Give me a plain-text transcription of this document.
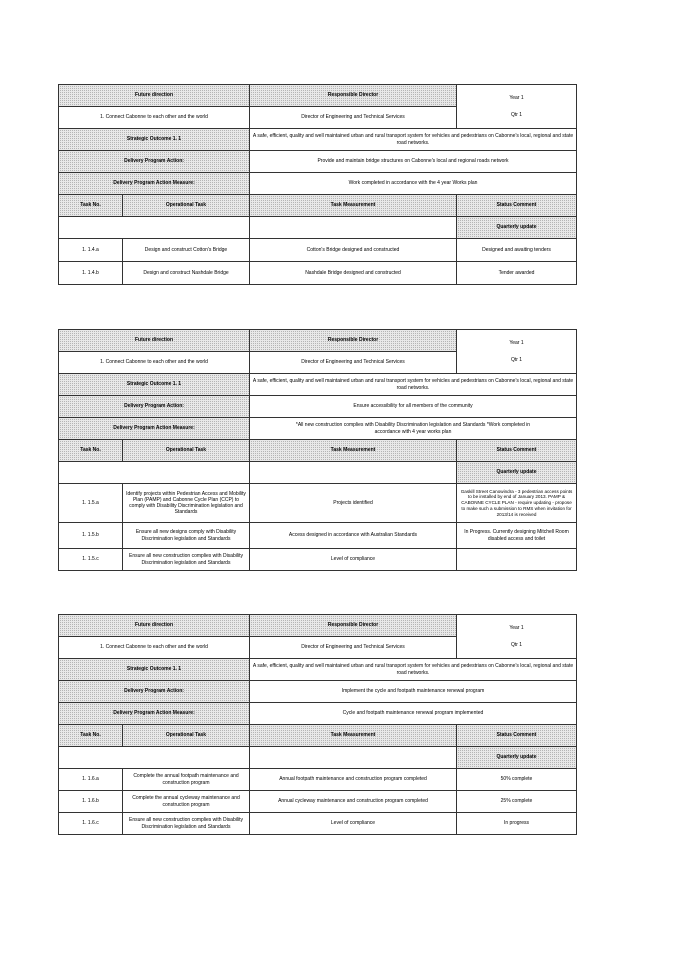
Future direction		Responsible Director	Year 1
Qtr 1

1. Connect Cabonne to each other and the world		Director of Engineering and Technical Services	
Strategic Outcome 1. 1		A safe, efficient, quality and well maintained urban and rural transport system for vehicles and pedestrians on Cabonne's local, regional and state road networks.	
Delivery Program Action:		Provide and maintain bridge structures on Cabonne's local and regional roads network	
Delivery Program Action Measure:		Work completed in accordance with the 4 year Works plan	
Task No.	Operational Task	Task Measurement	Status Comment
			Quarterly update
1. 1.4.a	Design and construct Cotton's Bridge	Cotton's Bridge designed and constructed	Designed and awaiting tenders
1. 1.4.b	Design and construct Nashdale Bridge	Nashdale Bridge designed and constructed	Tender awarded
Future direction		Responsible Director	Year 1
Qtr 1

1. Connect Cabonne to each other and the world		Director of Engineering and Technical Services	
Strategic Outcome 1. 1		A safe, efficient, quality and well maintained urban and rural transport system for vehicles and pedestrians on Cabonne's local, regional and state road networks.	
Delivery Program Action:		Ensure accessibility for all members of the community	
Delivery Program Action Measure:		*All new construction complies with Disability Discrimination legislation and Standards *Work completed in accordance with 4 year works plan	
Task No.	Operational Task	Task Measurement	Status Comment
			Quarterly update
1. 1.5.a	Identify projects within Pedestrian Access and Mobility Plan (PAMP) and Cabonne Cycle Plan (CCP) to comply with Disability Discrimination legislation and Standards	Projects identified	Gaskill Street Canowindra - 3 pedestrian access points to be installed by end of January 2013. PAMP & CABONNE CYCLE PLAN - require updating - propose to make such a submission to RMS when invitation for 2013/14 is received
1. 1.5.b	Ensure all new designs comply with Disability Discrimination legislation and Standards	Access designed in accordance with Australian Standards	In Progress. Currently designing Mitchell Room disabled access and toilet
1. 1.5.c	Ensure all new construction complies with Disability Discrimination legislation and Standards	Level of compliance	
Future direction		Responsible Director	Year 1
Qtr 1

1. Connect Cabonne to each other and the world		Director of Engineering and Technical Services	
Strategic Outcome 1. 1		A safe, efficient, quality and well maintained urban and rural transport system for vehicles and pedestrians on Cabonne's local, regional and state road networks.	
Delivery Program Action:		Implement the cycle and footpath maintenance renewal program	
Delivery Program Action Measure:		Cycle and footpath maintenance renewal program implemented	
Task No.	Operational Task	Task Measurement	Status Comment
			Quarterly update
1. 1.6.a	Complete the annual footpath maintenance and construction program	Annual footpath maintenance and construction program completed	50% complete
1. 1.6.b	Complete the annual cycleway maintenance and construction program	Annual cycleway maintenance and construction program completed	25% complete
1. 1.6.c	Ensure all new construction complies with Disability Discrimination legislation and Standards	Level of compliance	In progress
